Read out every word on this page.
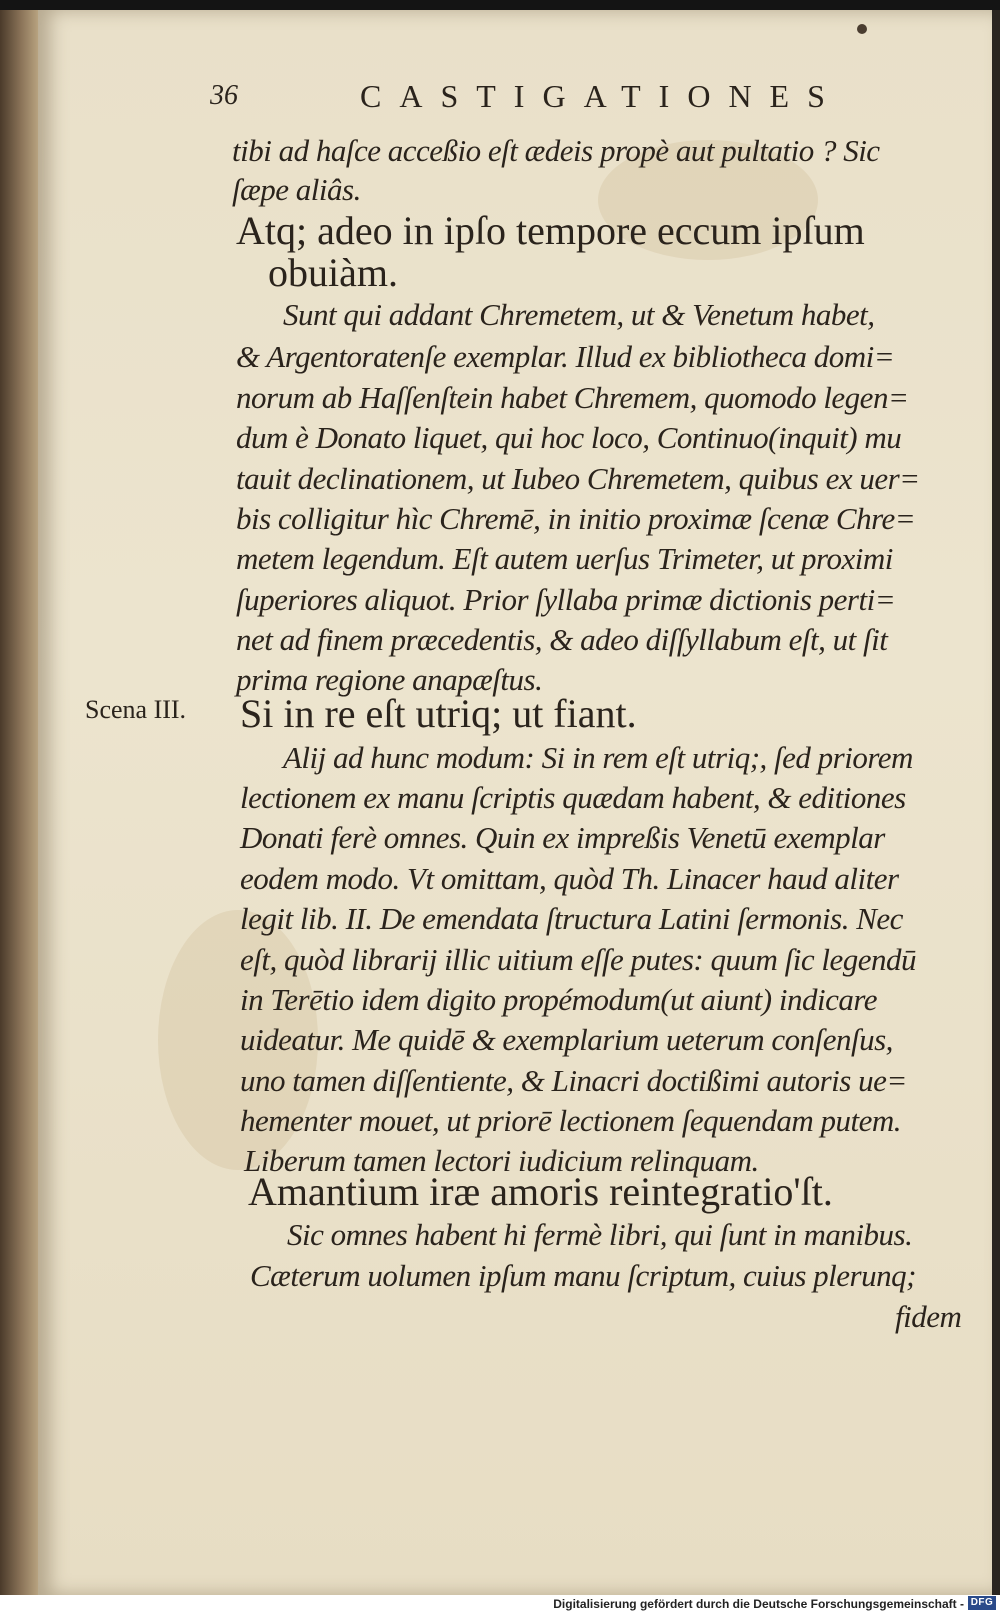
36	CASTIGATIONES
tibi ad haſce acceßio eſt ædeis propè aut pultatio ? Sic
ſæpe aliâs.
Atq; adeo in ipſo tempore eccum ipſum
obuiàm.
Sunt qui addant Chremetem, ut & Venetum habet,
& Argentoratenſe exemplar. Illud ex bibliotheca domi=
norum ab Haſſenſtein habet Chremem, quomodo legen=
dum è Donato liquet, qui hoc loco, Continuo(inquit) mu
tauit declinationem, ut Iubeo Chremetem, quibus ex uer=
bis colligitur hìc Chremē, in initio proximæ ſcenæ Chre=
metem legendum. Eſt autem uerſus Trimeter, ut proximi
ſuperiores aliquot. Prior ſyllaba primæ dictionis perti=
net ad finem præcedentis, & adeo diſſyllabum eſt, ut ſit
prima regione anapæſtus.
Si in re eſt utriq; ut fiant.
Alij ad hunc modum: Si in rem eſt utriq;, ſed priorem
lectionem ex manu ſcriptis quædam habent, & editiones
Donati ferè omnes. Quin ex impreßis Venetū exemplar
eodem modo. Vt omittam, quòd Th. Linacer haud aliter
legit lib. II. De emendata ſtructura Latini ſermonis. Nec
eſt, quòd librarij illic uitium eſſe putes: quum ſic legendū
in Terētio idem digito propémodum(ut aiunt) indicare
uideatur. Me quidē & exemplarium ueterum conſenſus,
uno tamen diſſentiente, & Linacri doctißimi autoris ue=
hementer mouet, ut priorē lectionem ſequendam putem.
Liberum tamen lectori iudicium relinquam.
Amantium iræ amoris reintegratio'ſt.
Sic omnes habent hi fermè libri, qui ſunt in manibus.
Cæterum uolumen ipſum manu ſcriptum, cuius plerunq;
fidem
Scena III.
Digitalisierung gefördert durch die Deutsche Forschungsgemeinschaft - DFG
